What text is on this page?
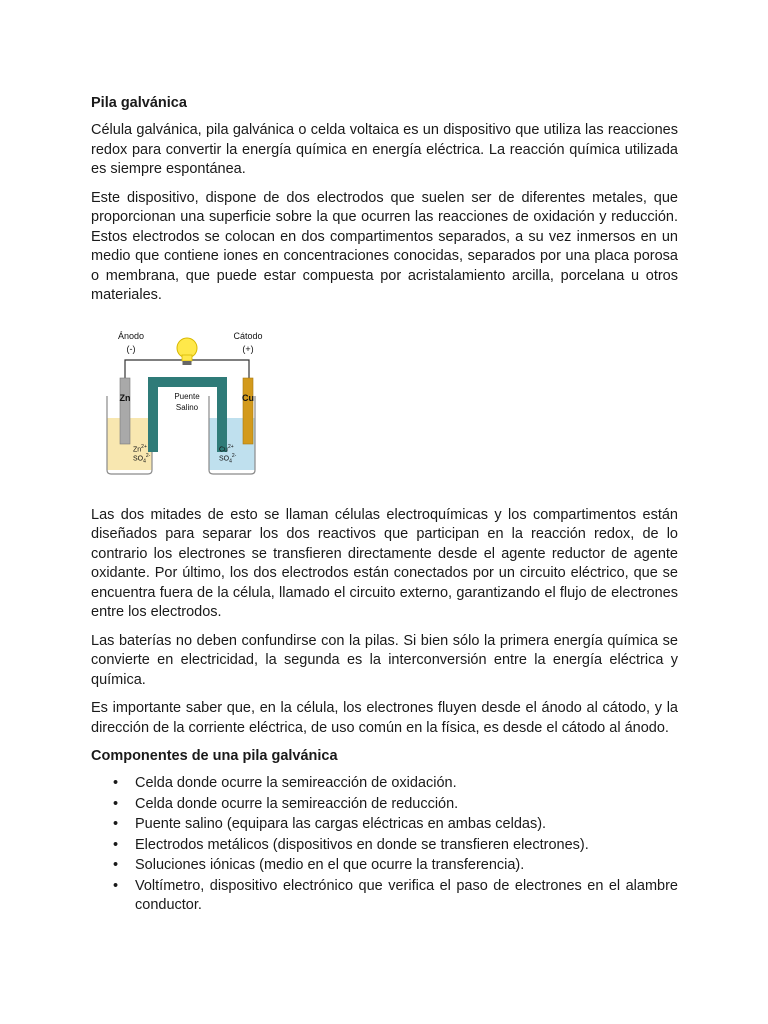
Pila galvánica

Célula galvánica, pila galvánica o celda voltaica es un dispositivo que utiliza las reacciones redox para convertir la energía química en energía eléctrica. La reacción química utilizada es siempre espontánea.

Este dispositivo, dispone de dos electrodos que suelen ser de diferentes metales, que proporcionan una superficie sobre la que ocurren las reacciones de oxidación y reducción. Estos electrodos se colocan en dos compartimentos separados, a su vez inmersos en un medio que contiene iones en concentraciones conocidas, separados por una placa porosa o membrana, que puede estar compuesta por acristalamiento arcilla, porcelana u otros materiales.

Ánodo
(-)
Cátodo
(+)
Puente
Salino
Zn	Cu
$Zn^{2+}$
$SO_4^{2-}$
$Cu^{2+}$
$SO_4^{2-}$

Las dos mitades de esto se llaman células electroquímicas y los compartimentos están diseñados para separar los dos reactivos que participan en la reacción redox, de lo contrario los electrones se transfieren directamente desde el agente reductor de agente oxidante. Por último, los dos electrodos están conectados por un circuito eléctrico, que se encuentra fuera de la célula, llamado el circuito externo, garantizando el flujo de electrones entre los electrodos.

Las baterías no deben confundirse con la pilas. Si bien sólo la primera energía química se convierte en electricidad, la segunda es la interconversión entre la energía eléctrica y química.

Es importante saber que, en la célula, los electrones fluyen desde el ánodo al cátodo, y la dirección de la corriente eléctrica, de uso común en la física, es desde el cátodo al ánodo.

Componentes de una pila galvánica
• Celda donde ocurre la semireacción de oxidación.
• Celda donde ocurre la semireacción de reducción.
• Puente salino (equipara las cargas eléctricas en ambas celdas).
• Electrodos metálicos (dispositivos en donde se transfieren electrones).
• Soluciones iónicas (medio en el que ocurre la transferencia).
• Voltímetro, dispositivo electrónico que verifica el paso de electrones en el alambre conductor.
